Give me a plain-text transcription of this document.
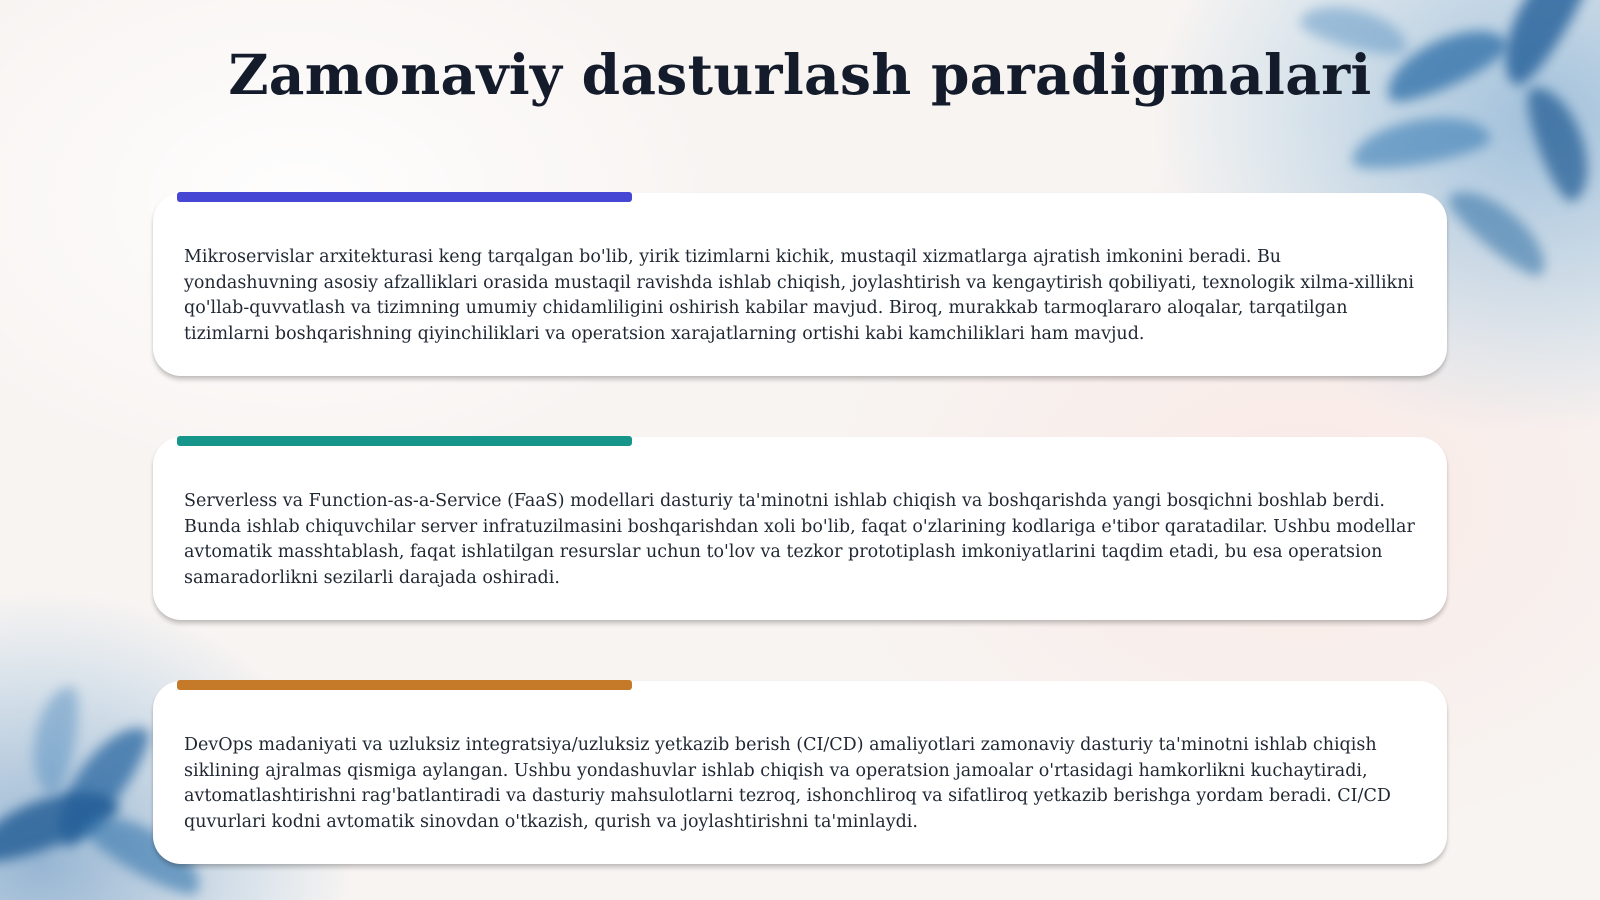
Zamonaviy dasturlash paradigmalari

Mikroservislar arxitekturasi keng tarqalgan bo'lib, yirik tizimlarni kichik, mustaqil xizmatlarga ajratish imkonini beradi. Bu yondashuvning asosiy afzalliklari orasida mustaqil ravishda ishlab chiqish, joylashtirish va kengaytirish qobiliyati, texnologik xilma-xillikni qo'llab-quvvatlash va tizimning umumiy chidamliligini oshirish kabilar mavjud. Biroq, murakkab tarmoqlararo aloqalar, tarqatilgan tizimlarni boshqarishning qiyinchiliklari va operatsion xarajatlarning ortishi kabi kamchiliklari ham mavjud.

Serverless va Function-as-a-Service (FaaS) modellari dasturiy ta'minotni ishlab chiqish va boshqarishda yangi bosqichni boshlab berdi. Bunda ishlab chiquvchilar server infratuzilmasini boshqarishdan xoli bo'lib, faqat o'zlarining kodlariga e'tibor qaratadilar. Ushbu modellar avtomatik masshtablash, faqat ishlatilgan resurslar uchun to'lov va tezkor prototiplash imkoniyatlarini taqdim etadi, bu esa operatsion samaradorlikni sezilarli darajada oshiradi.

DevOps madaniyati va uzluksiz integratsiya/uzluksiz yetkazib berish (CI/CD) amaliyotlari zamonaviy dasturiy ta'minotni ishlab chiqish siklining ajralmas qismiga aylangan. Ushbu yondashuvlar ishlab chiqish va operatsion jamoalar o'rtasidagi hamkorlikni kuchaytiradi, avtomatlashtirishni rag'batlantiradi va dasturiy mahsulotlarni tezroq, ishonchliroq va sifatliroq yetkazib berishga yordam beradi. CI/CD quvurlari kodni avtomatik sinovdan o'tkazish, qurish va joylashtirishni ta'minlaydi.
